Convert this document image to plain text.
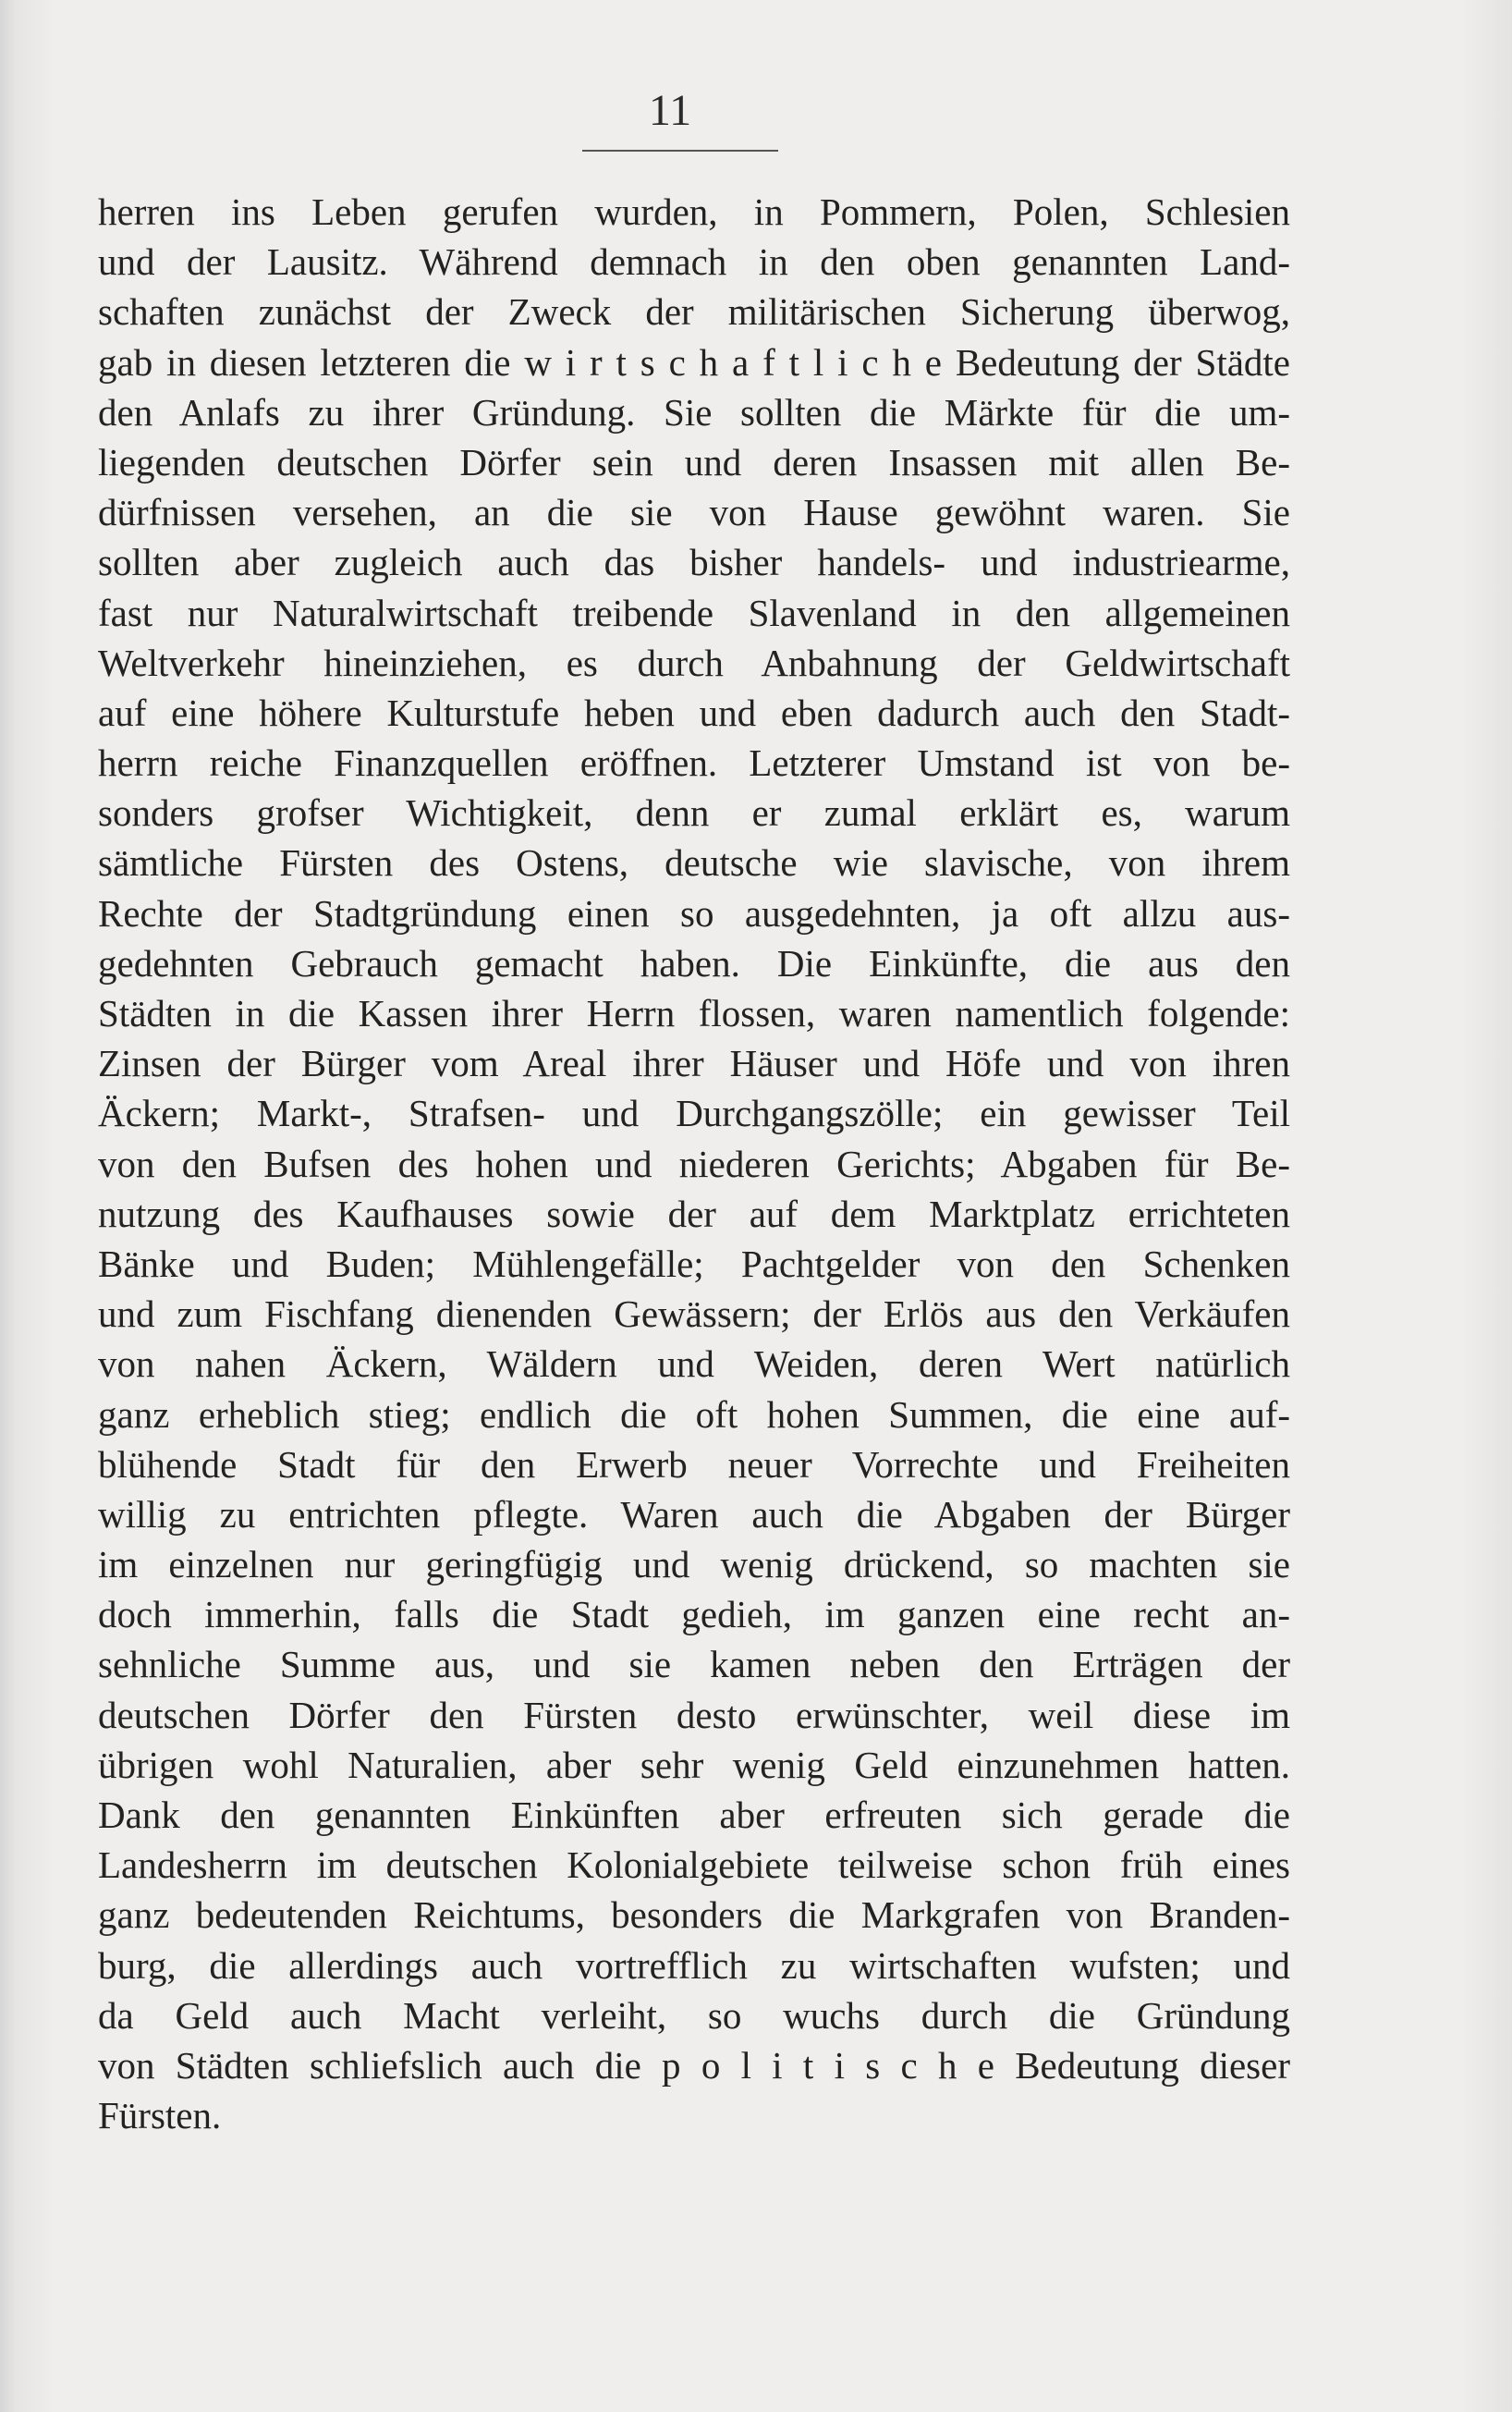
11
herren ins Leben gerufen wurden, in Pommern, Polen, Schlesien
und der Lausitz. Während demnach in den oben genannten Land-
schaften zunächst der Zweck der militärischen Sicherung überwog,
gab in diesen letzteren die w i r t s c h a f t l i c h e Bedeutung der Städte
den Anlafs zu ihrer Gründung. Sie sollten die Märkte für die um-
liegenden deutschen Dörfer sein und deren Insassen mit allen Be-
dürfnissen versehen, an die sie von Hause gewöhnt waren. Sie
sollten aber zugleich auch das bisher handels- und industriearme,
fast nur Naturalwirtschaft treibende Slavenland in den allgemeinen
Weltverkehr hineinziehen, es durch Anbahnung der Geldwirtschaft
auf eine höhere Kulturstufe heben und eben dadurch auch den Stadt-
herrn reiche Finanzquellen eröffnen. Letzterer Umstand ist von be-
sonders grofser Wichtigkeit, denn er zumal erklärt es, warum
sämtliche Fürsten des Ostens, deutsche wie slavische, von ihrem
Rechte der Stadtgründung einen so ausgedehnten, ja oft allzu aus-
gedehnten Gebrauch gemacht haben. Die Einkünfte, die aus den
Städten in die Kassen ihrer Herrn flossen, waren namentlich folgende:
Zinsen der Bürger vom Areal ihrer Häuser und Höfe und von ihren
Äckern; Markt-, Strafsen- und Durchgangszölle; ein gewisser Teil
von den Bufsen des hohen und niederen Gerichts; Abgaben für Be-
nutzung des Kaufhauses sowie der auf dem Marktplatz errichteten
Bänke und Buden; Mühlengefälle; Pachtgelder von den Schenken
und zum Fischfang dienenden Gewässern; der Erlös aus den Verkäufen
von nahen Äckern, Wäldern und Weiden, deren Wert natürlich
ganz erheblich stieg; endlich die oft hohen Summen, die eine auf-
blühende Stadt für den Erwerb neuer Vorrechte und Freiheiten
willig zu entrichten pflegte. Waren auch die Abgaben der Bürger
im einzelnen nur geringfügig und wenig drückend, so machten sie
doch immerhin, falls die Stadt gedieh, im ganzen eine recht an-
sehnliche Summe aus, und sie kamen neben den Erträgen der
deutschen Dörfer den Fürsten desto erwünschter, weil diese im
übrigen wohl Naturalien, aber sehr wenig Geld einzunehmen hatten.
Dank den genannten Einkünften aber erfreuten sich gerade die
Landesherrn im deutschen Kolonialgebiete teilweise schon früh eines
ganz bedeutenden Reichtums, besonders die Markgrafen von Branden-
burg, die allerdings auch vortrefflich zu wirtschaften wufsten; und
da Geld auch Macht verleiht, so wuchs durch die Gründung
von Städten schliefslich auch die p o l i t i s c h e Bedeutung dieser
Fürsten.
